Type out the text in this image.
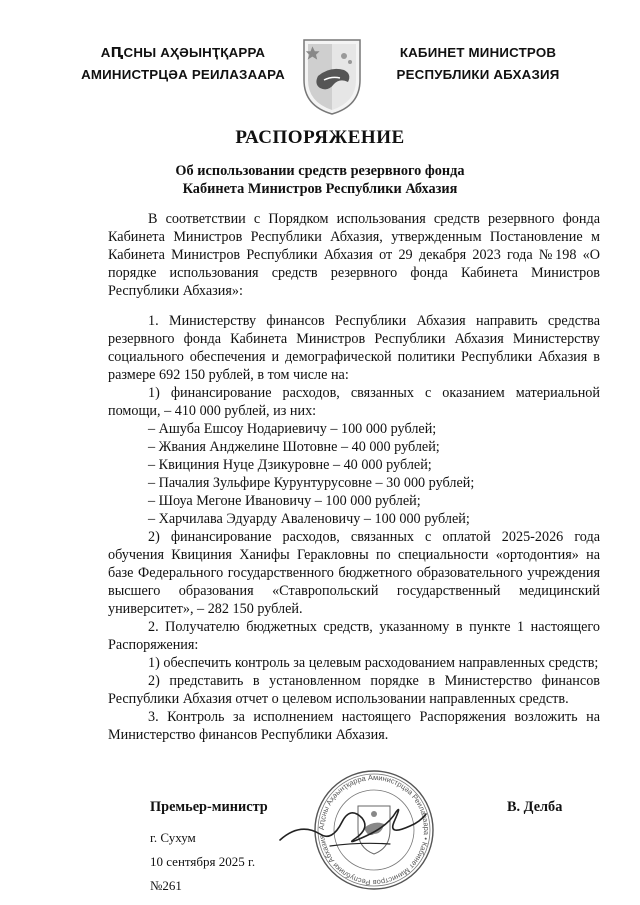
АԤСНЫ АҲӘЫНҬҚАРРА
АМИНИСТРЦӘА РЕИЛАЗААРА
КАБИНЕТ МИНИСТРОВ
РЕСПУБЛИКИ АБХАЗИЯ
РАСПОРЯЖЕНИЕ
Об использовании средств резервного фонда
Кабинета Министров Республики Абхазия

В соответствии с Порядком использования средств резервного фонда Кабинета Министров Республики Абхазия, утвержденным Постановление м Кабинета Министров Республики Абхазия от 29 декабря 2023 года №198 «О порядке использования средств резервного фонда Кабинета Министров Республики Абхазия»:

1. Министерству финансов Республики Абхазия направить средства резервного фонда Кабинета Министров Республики Абхазия Министерству социального обеспечения и демографической политики Республики Абхазия в размере 692 150 рублей, в том числе на:

1) финансирование расходов, связанных с оказанием материальной помощи, – 410 000 рублей, из них:

– Ашуба Ешсоу Нодариевичу – 100 000 рублей;
– Жвания Анджелине Шотовне – 40 000 рублей;
– Квициния Нуце Дзикуровне – 40 000 рублей;
– Пачалия Зульфире Курунтурусовне – 30 000 рублей;
– Шоуа Мегоне Ивановичу – 100 000 рублей;
– Харчилава Эдуарду Аваленовичу – 100 000 рублей;

2) финансирование расходов, связанных с оплатой 2025-2026 года обучения Квициния Ханифы Геракловны по специальности «ортодонтия» на базе Федерального государственного бюджетного образовательного учреждения высшего образования «Ставропольский государственный медицинский университет», – 282 150 рублей.

2. Получателю бюджетных средств, указанному в пункте 1 настоящего Распоряжения:

1) обеспечить контроль за целевым расходованием направленных средств;

2) представить в установленном порядке в Министерство финансов Республики Абхазия отчет о целевом использовании направленных средств.

3. Контроль за исполнением настоящего Распоряжения возложить на Министерство финансов Республики Абхазия.

Аԥсны Аҳәынҭқарра Аминистрцәа Реилазаара • Кабинет Министров Республики Абхазия
Премьер-министр	В. Делба
г. Сухум
10 сентября 2025 г.
№261
